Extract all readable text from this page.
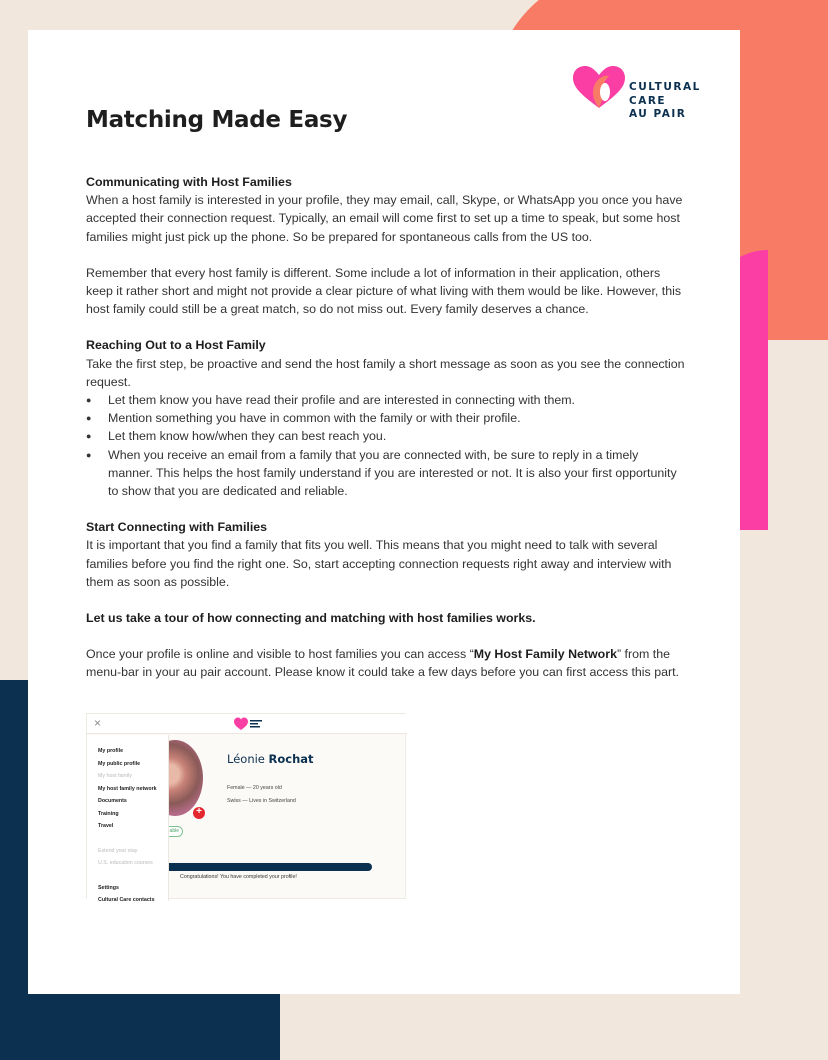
CULTURAL
CARE
AU PAIR
Matching Made Easy
Communicating with Host Families

When a host family is interested in your profile, they may email, call, Skype, or WhatsApp you once you have accepted their connection request. Typically, an email will come first to set up a time to speak, but some host families might just pick up the phone. So be prepared for spontaneous calls from the US too.

Remember that every host family is different. Some include a lot of information in their application, others keep it rather short and might not provide a clear picture of what living with them would be like. However, this host family could still be a great match, so do not miss out. Every family deserves a chance.

Reaching Out to a Host Family

Take the first step, be proactive and send the host family a short message as soon as you see the connection request.

● Let them know you have read their profile and are interested in connecting with them.
● Mention something you have in common with the family or with their profile.
● Let them know how/when they can best reach you.
● When you receive an email from a family that you are connected with, be sure to reply in a timely manner. This helps the host family understand if you are interested or not. It is also your first opportunity to show that you are dedicated and reliable.
Start Connecting with Families

It is important that you find a family that fits you well. This means that you might need to talk with several families before you find the right one. So, start accepting connection requests right away and interview with them as soon as possible.

Let us take a tour of how connecting and matching with host families works.

Once your profile is online and visible to host families you can access “My Host Family Network” from the menu-bar in your au pair account. Please know it could take a few days before you can first access this part.

×
+
able
My profile
My public profile
My host family
My host family network
Documents
Training
Travel
Extend your stay
U.S. education courses
Settings
Cultural Care contacts
Léonie Rochat
Female — 20 years old
Swiss — Lives in Switzerland
Congratulations! You have completed your profile!
